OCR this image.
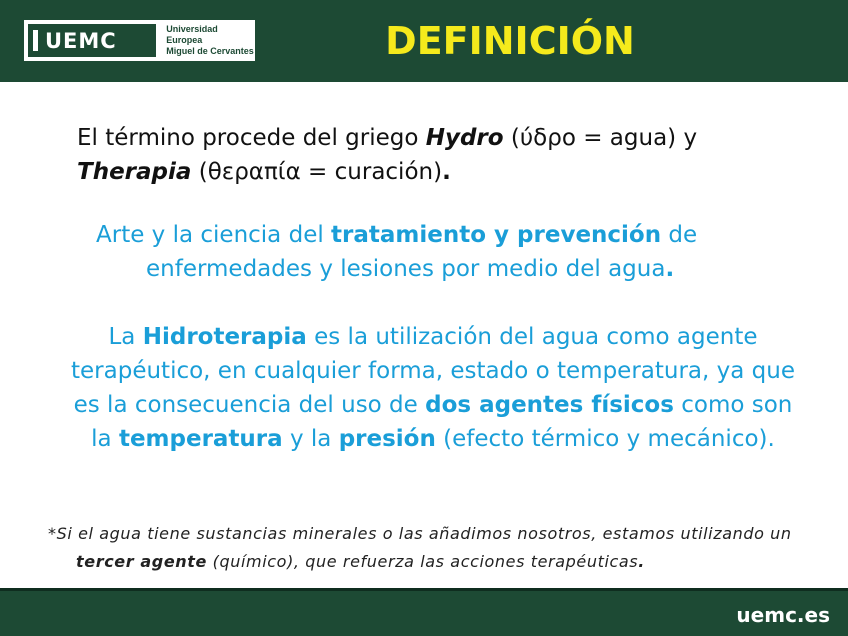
UEMC	Universidad Europea
Miguel de Cervantes	DEFINICIÓN
El término procede del griego Hydro (ύδρο = agua) y
Therapia (θεραπία = curación).
Arte y la ciencia del tratamiento y prevención de
enfermedades y lesiones por medio del agua.
La Hidroterapia es la utilización del agua como agente terapéutico, en cualquier forma, estado o temperatura, ya que es la consecuencia del uso de dos agentes físicos como son la temperatura y la presión (efecto térmico y mecánico).
*Si el agua tiene sustancias minerales o las añadimos nosotros, estamos utilizando un
tercer agente (químico), que refuerza las acciones terapéuticas.
uemc.es
